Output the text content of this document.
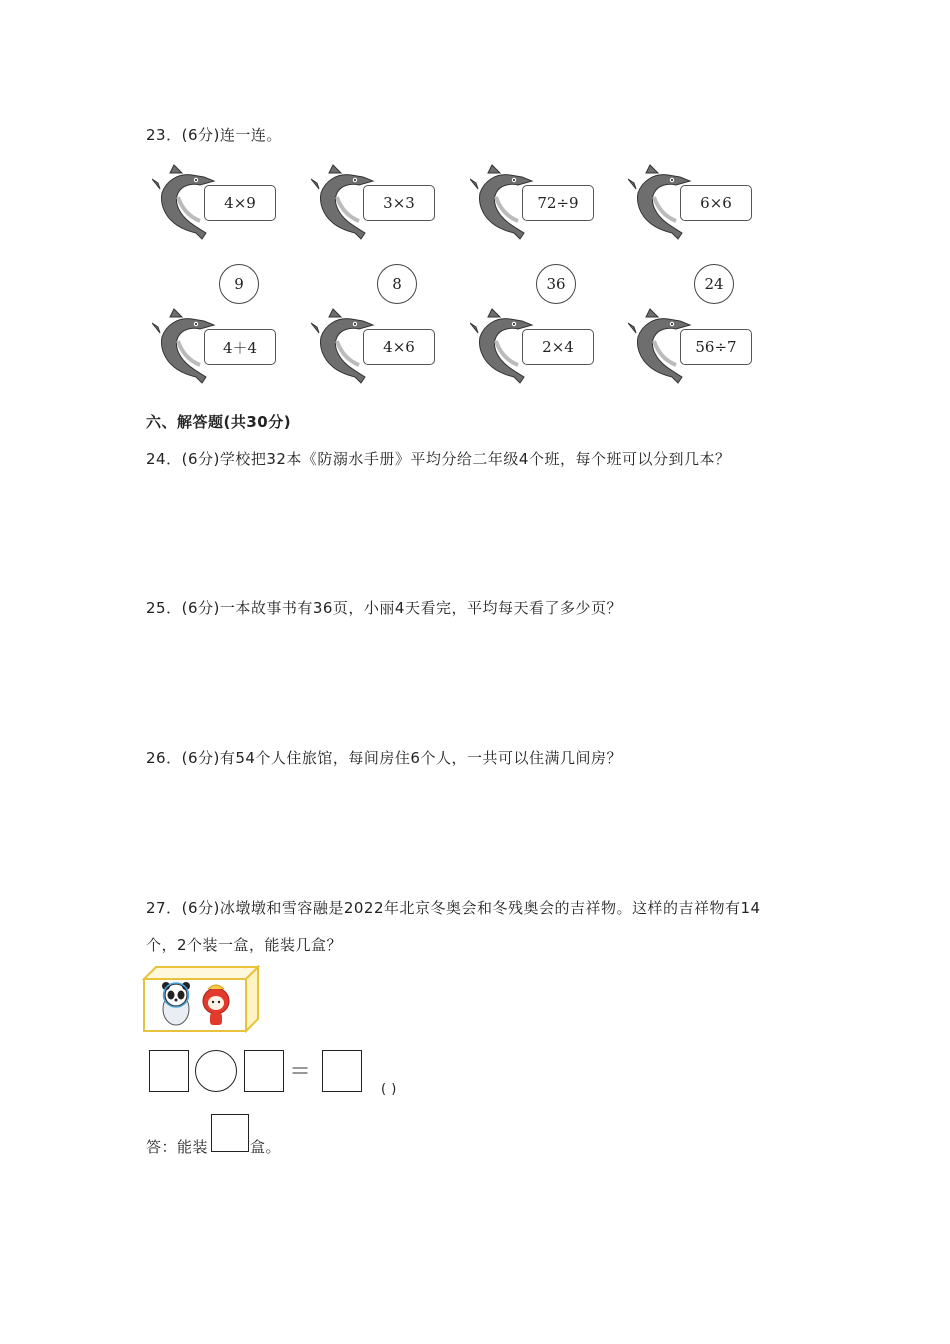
23．(6分)连一连。
4×9	3×3	72÷9	6×6
4＋4	4×6	2×4	56÷7
9	8	36	24
六、解答题(共30分)
24．(6分)学校把32本《防溺水手册》平均分给二年级4个班，每个班可以分到几本？
25．(6分)一本故事书有36页，小丽4天看完，平均每天看了多少页？
26．(6分)有54个人住旅馆，每间房住6个人，一共可以住满几间房？
27．(6分)冰墩墩和雪容融是2022年北京冬奥会和冬残奥会的吉祥物。这样的吉祥物有14
个，2个装一盒，能装几盒？
=
( )
答：能装	盒。
